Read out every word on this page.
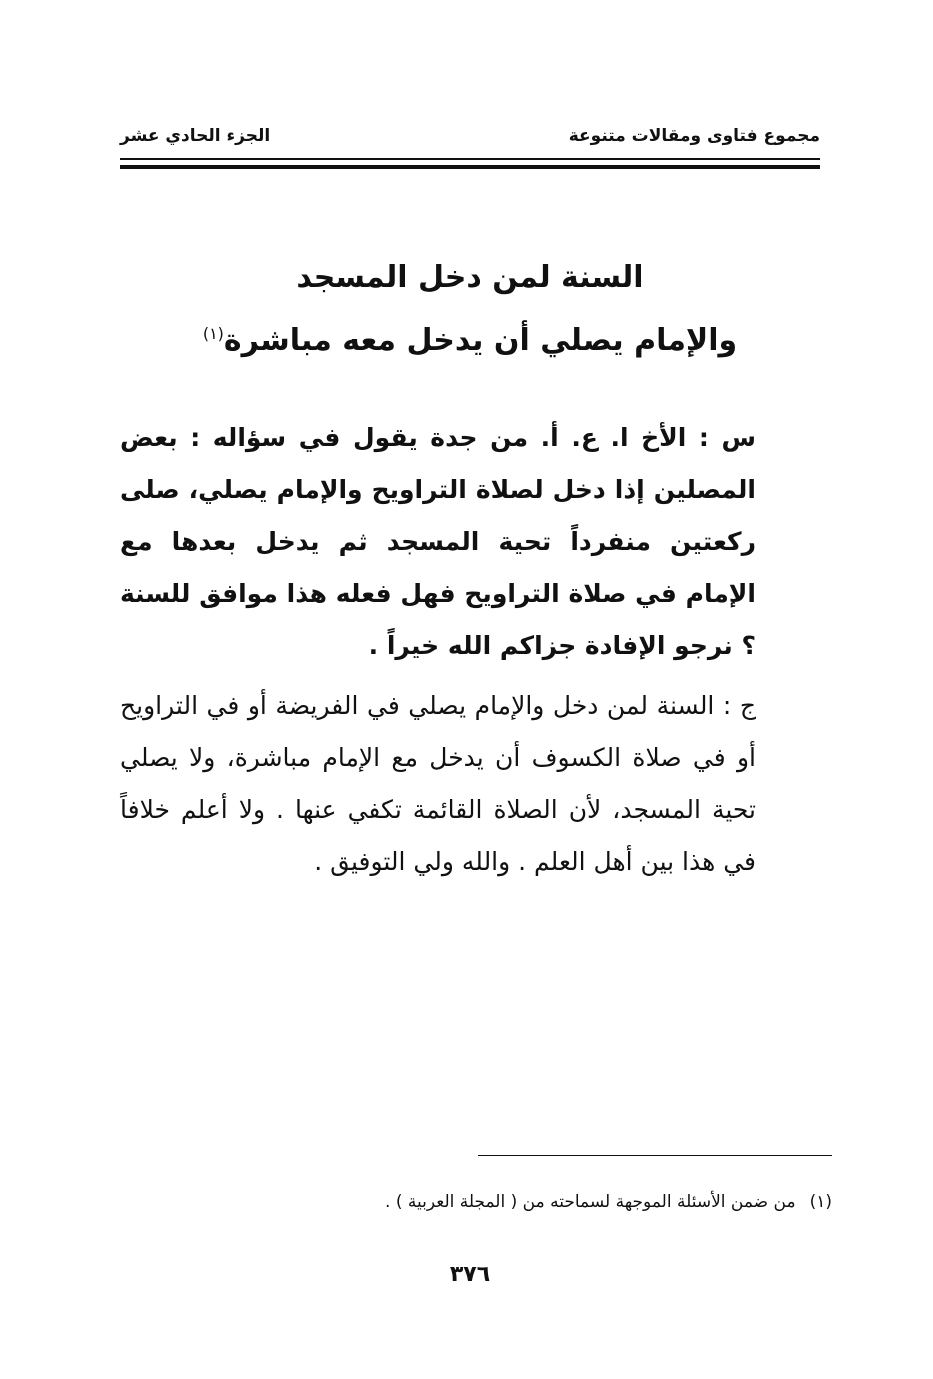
مجموع فتاوى ومقالات متنوعة
الجزء الحادي عشر
السنة لمن دخل المسجد
والإمام يصلي أن يدخل معه مباشرة$^{(١)}$
س : الأخ ا. ع. أ. من جدة يقول في سؤاله : بعض المصلين إذا دخل لصلاة التراويح والإمام يصلي، صلى ركعتين منفرداً تحية المسجد ثم يدخل بعدها مع الإمام في صلاة التراويح فهل فعله هذا موافق للسنة ؟ نرجو الإفادة جزاكم الله خيراً .
ج : السنة لمن دخل والإمام يصلي في الفريضة أو في التراويح أو في صلاة الكسوف أن يدخل مع الإمام مباشرة، ولا يصلي تحية المسجد، لأن الصلاة القائمة تكفي عنها . ولا أعلم خلافاً في هذا بين أهل العلم . والله ولي التوفيق .
(١)من ضمن الأسئلة الموجهة لسماحته من ( المجلة العربية ) .
٣٧٦
